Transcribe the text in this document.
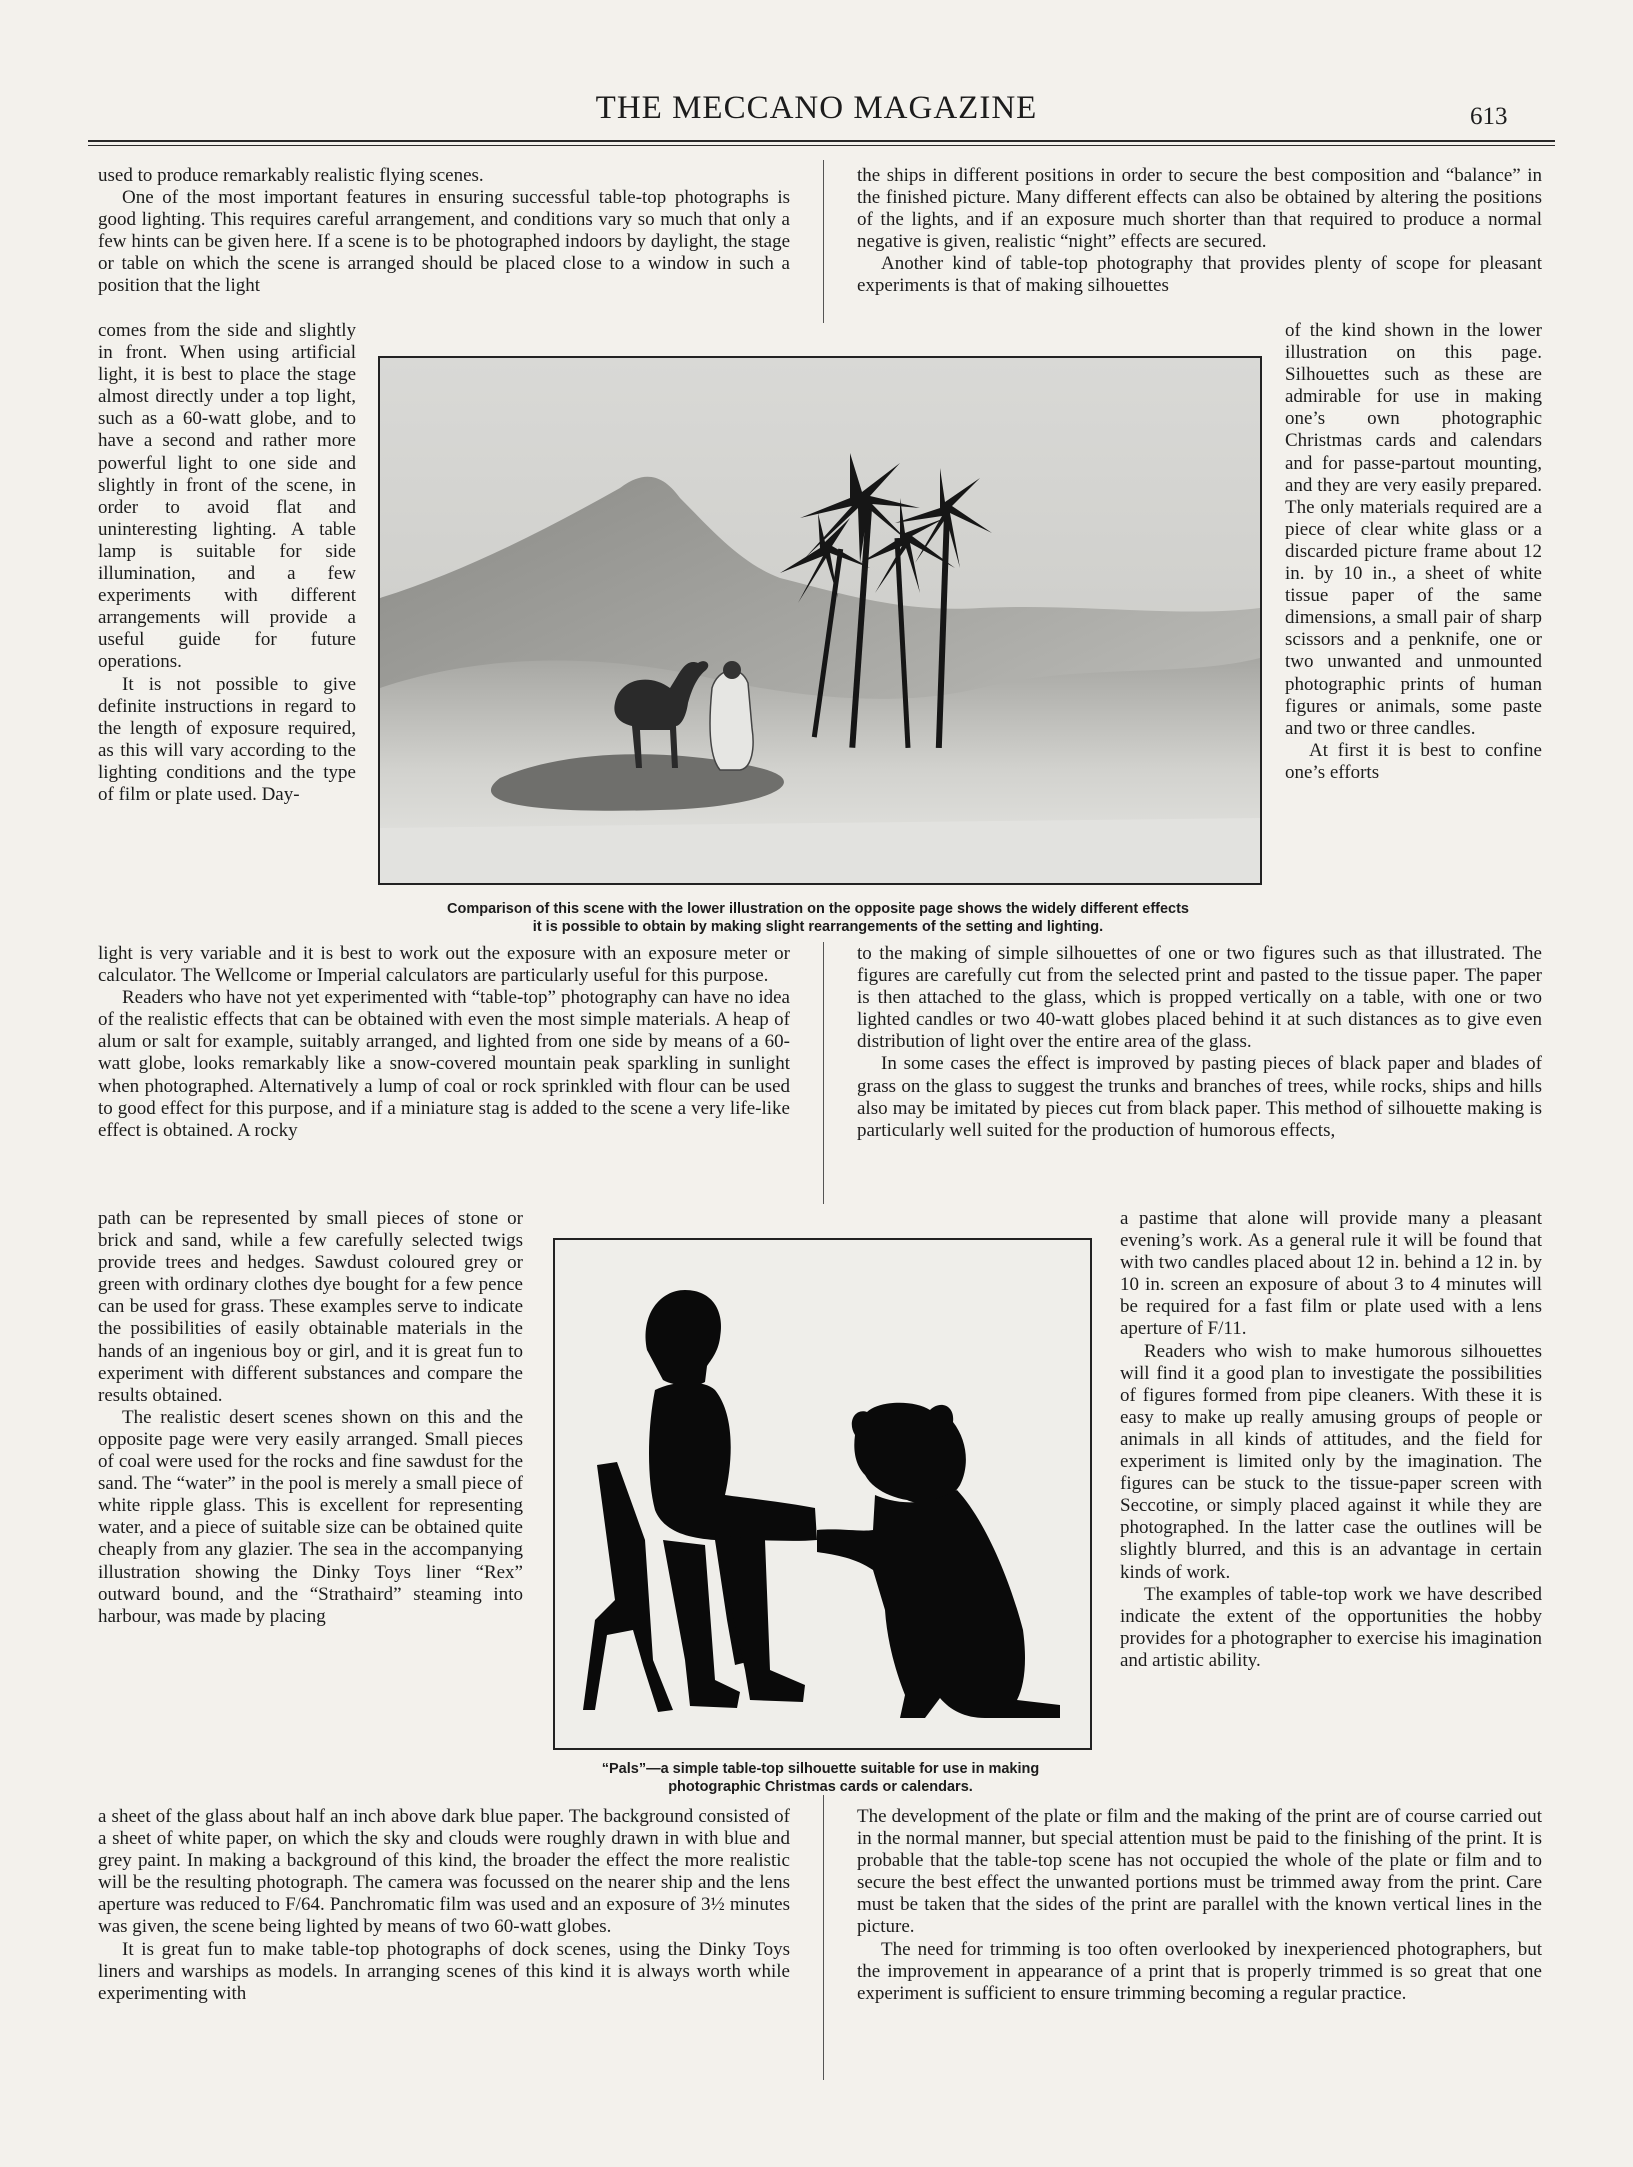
THE MECCANO MAGAZINE	613

used to produce remarkably realistic flying scenes.

One of the most important features in ensuring successful table-top photographs is good lighting. This requires careful arrangement, and conditions vary so much that only a few hints can be given here. If a scene is to be photographed indoors by daylight, the stage or table on which the scene is arranged should be placed close to a window in such a position that the light

comes from the side and slightly in front. When using artificial light, it is best to place the stage almost directly under a top light, such as a 60-watt globe, and to have a second and rather more powerful light to one side and slightly in front of the scene, in order to avoid flat and uninteresting lighting. A table lamp is suitable for side illumination, and a few experiments with different arrangements will provide a useful guide for future operations.

It is not possible to give definite instructions in regard to the length of exposure required, as this will vary according to the lighting conditions and the type of film or plate used. Day-

light is very variable and it is best to work out the exposure with an exposure meter or calculator. The Wellcome or Imperial calculators are particularly useful for this purpose.

Readers who have not yet experimented with “table-top” photography can have no idea of the realistic effects that can be obtained with even the most simple materials. A heap of alum or salt for example, suitably arranged, and lighted from one side by means of a 60-watt globe, looks remarkably like a snow-covered mountain peak sparkling in sunlight when photographed. Alternatively a lump of coal or rock sprinkled with flour can be used to good effect for this purpose, and if a miniature stag is added to the scene a very life-like effect is obtained. A rocky

path can be represented by small pieces of stone or brick and sand, while a few carefully selected twigs provide trees and hedges. Sawdust coloured grey or green with ordinary clothes dye bought for a few pence can be used for grass. These examples serve to indicate the possibilities of easily obtainable materials in the hands of an ingenious boy or girl, and it is great fun to experiment with different substances and compare the results obtained.

The realistic desert scenes shown on this and the opposite page were very easily arranged. Small pieces of coal were used for the rocks and fine sawdust for the sand. The “water” in the pool is merely a small piece of white ripple glass. This is excellent for representing water, and a piece of suitable size can be obtained quite cheaply from any glazier. The sea in the accompanying illustration showing the Dinky Toys liner “Rex” outward bound, and the “Strathaird” steaming into harbour, was made by placing

a sheet of the glass about half an inch above dark blue paper. The background consisted of a sheet of white paper, on which the sky and clouds were roughly drawn in with blue and grey paint. In making a background of this kind, the broader the effect the more realistic will be the resulting photograph. The camera was focussed on the nearer ship and the lens aperture was reduced to F/64. Panchromatic film was used and an exposure of 3½ minutes was given, the scene being lighted by means of two 60-watt globes.

It is great fun to make table-top photographs of dock scenes, using the Dinky Toys liners and warships as models. In arranging scenes of this kind it is always worth while experimenting with

the ships in different positions in order to secure the best composition and “balance” in the finished picture. Many different effects can also be obtained by altering the positions of the lights, and if an exposure much shorter than that required to produce a normal negative is given, realistic “night” effects are secured.

Another kind of table-top photography that provides plenty of scope for pleasant experiments is that of making silhouettes

of the kind shown in the lower illustration on this page. Silhouettes such as these are admirable for use in making one’s own photographic Christmas cards and calendars and for passe-partout mounting, and they are very easily prepared. The only materials required are a piece of clear white glass or a discarded picture frame about 12 in. by 10 in., a sheet of white tissue paper of the same dimensions, a small pair of sharp scissors and a penknife, one or two unwanted and unmounted photographic prints of human figures or animals, some paste and two or three candles.

At first it is best to confine one’s efforts

to the making of simple silhouettes of one or two figures such as that illustrated. The figures are carefully cut from the selected print and pasted to the tissue paper. The paper is then attached to the glass, which is propped vertically on a table, with one or two lighted candles or two 40-watt globes placed behind it at such distances as to give even distribution of light over the entire area of the glass.

In some cases the effect is improved by pasting pieces of black paper and blades of grass on the glass to suggest the trunks and branches of trees, while rocks, ships and hills also may be imitated by pieces cut from black paper. This method of silhouette making is particularly well suited for the production of humorous effects,

a pastime that alone will provide many a pleasant evening’s work. As a general rule it will be found that with two candles placed about 12 in. behind a 12 in. by 10 in. screen an exposure of about 3 to 4 minutes will be required for a fast film or plate used with a lens aperture of F/11.

Readers who wish to make humorous silhouettes will find it a good plan to investigate the possibilities of figures formed from pipe cleaners. With these it is easy to make up really amusing groups of people or animals in all kinds of attitudes, and the field for experiment is limited only by the imagination. The figures can be stuck to the tissue-paper screen with Seccotine, or simply placed against it while they are photographed. In the latter case the outlines will be slightly blurred, and this is an advantage in certain kinds of work.

The examples of table-top work we have described indicate the extent of the opportunities the hobby provides for a photographer to exercise his imagination and artistic ability.

The development of the plate or film and the making of the print are of course carried out in the normal manner, but special attention must be paid to the finishing of the print. It is probable that the table-top scene has not occupied the whole of the plate or film and to secure the best effect the unwanted portions must be trimmed away from the print. Care must be taken that the sides of the print are parallel with the known vertical lines in the picture.

The need for trimming is too often overlooked by inexperienced photographers, but the improvement in appearance of a print that is properly trimmed is so great that one experiment is sufficient to ensure trimming becoming a regular practice.

Comparison of this scene with the lower illustration on the opposite page shows the widely different effects
it is possible to obtain by making slight rearrangements of the setting and lighting.
“Pals”—a simple table-top silhouette suitable for use in making
photographic Christmas cards or calendars.
